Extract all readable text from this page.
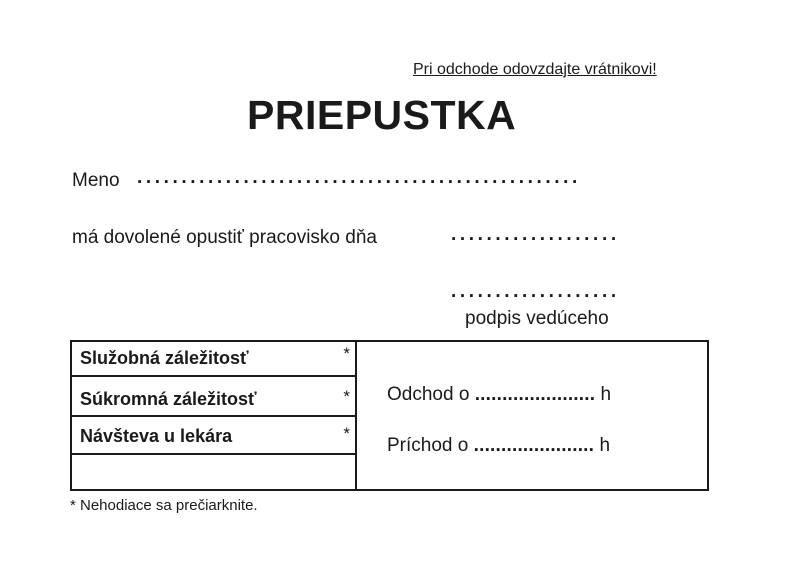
Pri odchode odovzdajte vrátnikovi!
PRIEPUSTKA
Meno ..................................................
má dovolené opustiť pracovisko dňa	...................
...................
podpis vedúceho
Služobná záležitosť	*
Súkromná záležitosť	*
Návšteva u lekára	*
Odchod o ...................... h
Príchod o ...................... h
* Nehodiace sa prečiarknite.
